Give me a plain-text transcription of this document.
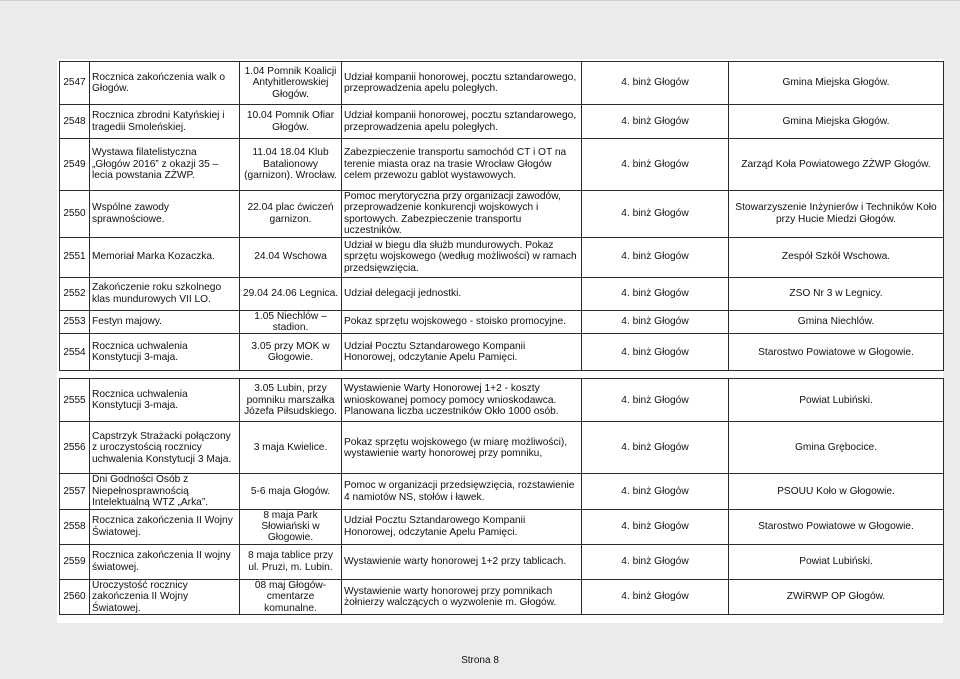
2547	Rocznica zakończenia walk o Głogów.	1.04 Pomnik Koalicji Antyhitlerowskiej Głogów.	Udział kompanii honorowej, pocztu sztandarowego, przeprowadzenia apelu poległych.	4. binż Głogów	Gmina Miejska Głogów.
2548	Rocznica zbrodni Katyńskiej i tragedii Smoleńskiej.	10.04 Pomnik Ofiar Głogów.	Udział kompanii honorowej, pocztu sztandarowego, przeprowadzenia apelu poległych.	4. binż Głogów	Gmina Miejska Głogów.
2549	Wystawa filatelistyczna „Głogów 2016” z okazji 35 – lecia powstania ZŻWP.	11.04 18.04 Klub Batalionowy (garnizon). Wrocław.	Zabezpieczenie transportu samochód CT i OT na terenie miasta oraz na trasie Wrocław Głogów celem przewozu gablot wystawowych.	4. binż Głogów	Zarząd Koła Powiatowego ZŻWP Głogów.
2550	Wspólne zawody sprawnościowe.	22.04 plac ćwiczeń garnizon.	Pomoc merytoryczna przy organizacji zawodów, przeprowadzenie konkurencji wojskowych i sportowych. Zabezpieczenie transportu uczestników.	4. binż Głogów	Stowarzyszenie Inżynierów i Techników Koło przy Hucie Miedzi Głogów.
2551	Memoriał Marka Kozaczka.	24.04 Wschowa	Udział w biegu dla służb mundurowych. Pokaz sprzętu wojskowego (według możliwości) w ramach przedsięwzięcia.	4. binż Głogów	Zespół Szkół Wschowa.
2552	Zakończenie roku szkolnego klas mundurowych VII LO.	29.04 24.06 Legnica.	Udział delegacji jednostki.	4. binż Głogów	ZSO Nr 3 w Legnicy.
2553	Festyn majowy.	1.05 Niechlów – stadion.	Pokaz sprzętu wojskowego - stoisko promocyjne.	4. binż Głogów	Gmina Niechlów.
2554	Rocznica uchwalenia Konstytucji 3-maja.	3.05 przy MOK w Głogowie.	Udział Pocztu Sztandarowego Kompanii Honorowej, odczytanie Apelu Pamięci.	4. binż Głogów	Starostwo Powiatowe w Głogowie.

2555	Rocznica uchwalenia Konstytucji 3-maja.	3.05 Lubin, przy pomniku marszałka Józefa Piłsudskiego.	Wystawienie Warty Honorowej 1+2 - koszty wnioskowanej pomocy pomocy wnioskodawca. Planowana liczba uczestników Okło 1000 osób.	4. binż Głogów	Powiat Lubiński.
2556	Capstrzyk Strażacki połączony z uroczystością rocznicy uchwalenia Konstytucji 3 Maja.	3 maja Kwielice.	Pokaz sprzętu wojskowego (w miarę możliwości), wystawienie warty honorowej przy pomniku,	4. binż Głogów	Gmina Grębocice.
2557	Dni Godności Osób z Niepełnosprawnością Intelektualną WTZ „Arka”.	5-6 maja Głogów.	Pomoc w organizacji przedsięwzięcia, rozstawienie 4 namiotów NS, stołów i ławek.	4. binż Głogów	PSOUU Koło w Głogowie.
2558	Rocznica zakończenia II Wojny Światowej.	8 maja Park Słowiański w Głogowie.	Udział Pocztu Sztandarowego Kompanii Honorowej, odczytanie Apelu Pamięci.	4. binż Głogów	Starostwo Powiatowe w Głogowie.
2559	Rocznica zakończenia II wojny światowej.	8 maja tablice przy ul. Pruzi, m. Lubin.	Wystawienie warty honorowej 1+2 przy tablicach.	4. binż Głogów	Powiat Lubiński.
2560	Uroczystość rocznicy zakończenia II Wojny Światowej.	08 maj Głogów- cmentarze komunalne.	Wystawienie warty honorowej przy pomnikach żołnierzy walczących o wyzwolenie m. Głogów.	4. binż Głogów	ZWiRWP OP Głogów.
Strona 8
